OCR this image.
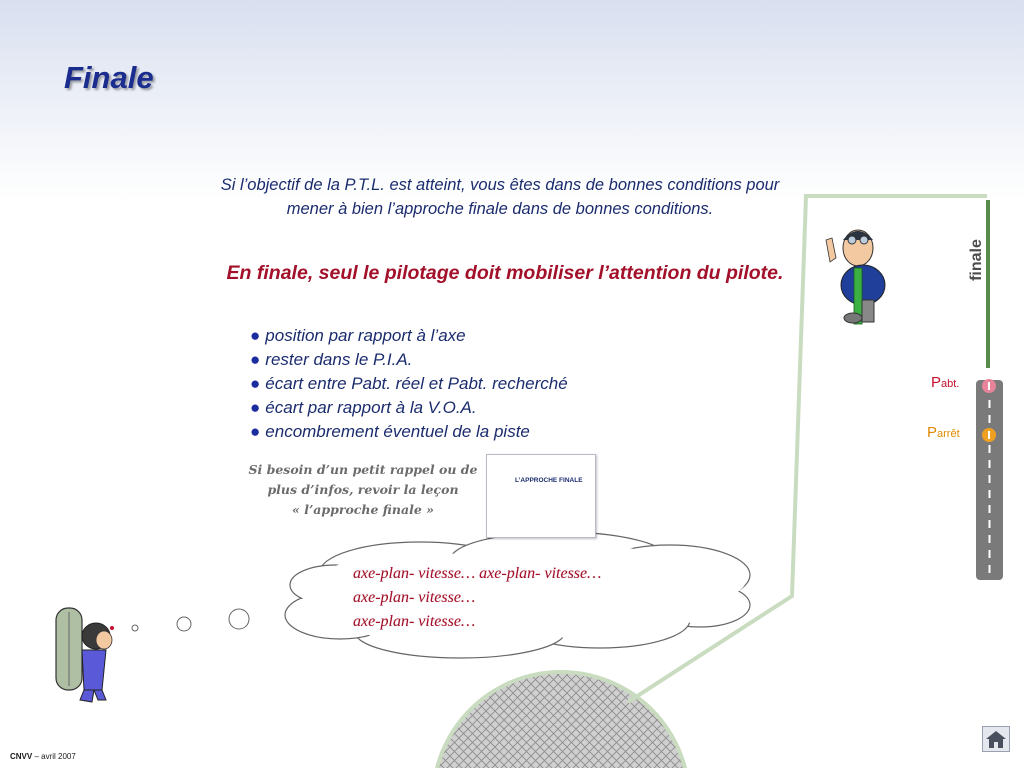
Finale
Si l’objectif de la P.T.L. est atteint, vous êtes dans de bonnes conditions pour
mener à bien l’approche finale dans de bonnes conditions.
En finale, seul le pilotage doit mobiliser l’attention du pilote.
● position par rapport à l’axe
● rester dans le P.I.A.
● écart entre Pabt. réel et Pabt. recherché
● écart par rapport à la V.O.A.
● encombrement éventuel de la piste
Si besoin d’un petit rappel ou de
plus d’infos, revoir la leçon
« l’approche finale »
L’APPROCHE FINALE
axe-plan- vitesse… axe-plan- vitesse…
axe-plan- vitesse…
axe-plan- vitesse…
finale
Pabt.
Parrêt
CNVV – avril 2007
